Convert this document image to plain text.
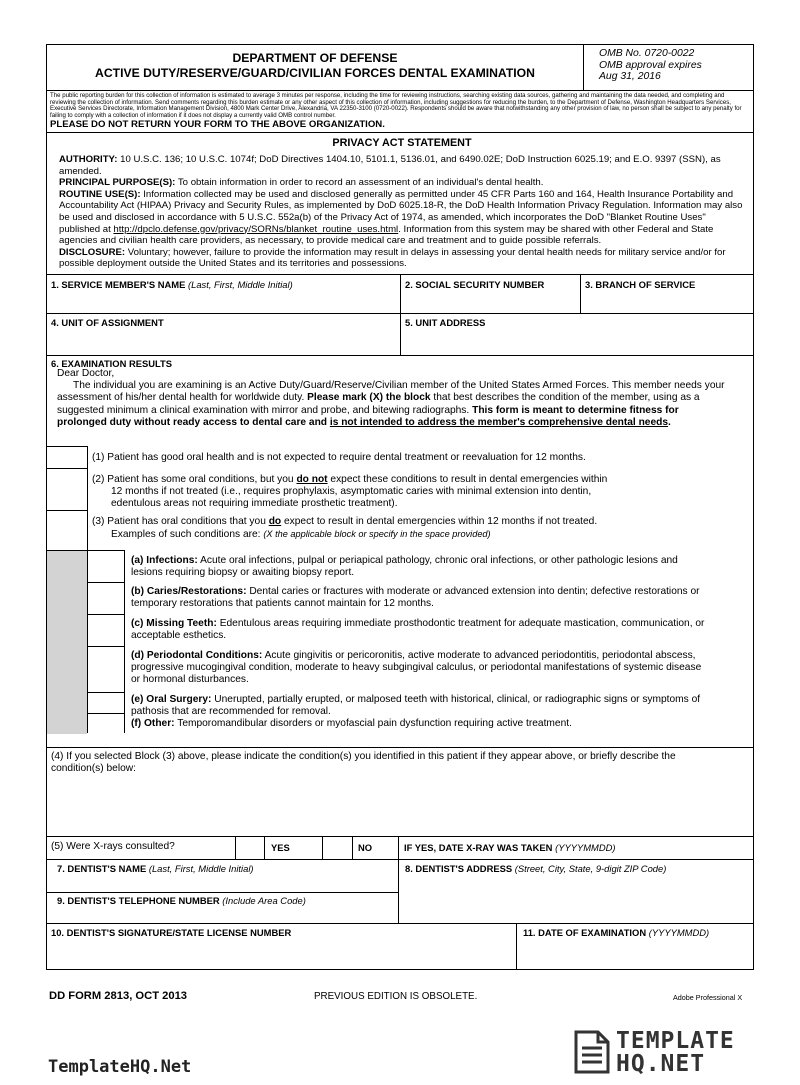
DEPARTMENT OF DEFENSE
ACTIVE DUTY/RESERVE/GUARD/CIVILIAN FORCES DENTAL EXAMINATION
OMB No. 0720-0022
OMB approval expires
Aug 31, 2016
The public reporting burden for this collection of information is estimated to average 3 minutes per response, including the time for reviewing instructions, searching existing data sources, gathering and maintaining the data needed, and completing and reviewing the collection of information. Send comments regarding this burden estimate or any other aspect of this collection of information, including suggestions for reducing the burden, to the Department of Defense, Washington Headquarters Services, Executive Services Directorate, Information Management Division, 4800 Mark Center Drive, Alexandria, VA 22350-3100 (0720-0022). Respondents should be aware that notwithstanding any other provision of law, no person shall be subject to any penalty for failing to comply with a collection of information if it does not display a currently valid OMB control number.
PLEASE DO NOT RETURN YOUR FORM TO THE ABOVE ORGANIZATION.
PRIVACY ACT STATEMENT

AUTHORITY: 10 U.S.C. 136; 10 U.S.C. 1074f; DoD Directives 1404.10, 5101.1, 5136.01, and 6490.02E; DoD Instruction 6025.19; and E.O. 9397 (SSN), as amended.

PRINCIPAL PURPOSE(S): To obtain information in order to record an assessment of an individual's dental health.

ROUTINE USE(S): Information collected may be used and disclosed generally as permitted under 45 CFR Parts 160 and 164, Health Insurance Portability and Accountability Act (HIPAA) Privacy and Security Rules, as implemented by DoD 6025.18-R, the DoD Health Information Privacy Regulation. Information may also be used and disclosed in accordance with 5 U.S.C. 552a(b) of the Privacy Act of 1974, as amended, which incorporates the DoD "Blanket Routine Uses" published at http://dpclo.defense.gov/privacy/SORNs/blanket_routine_uses.html. Information from this system may be shared with other Federal and State agencies and civilian health care providers, as necessary, to provide medical care and treatment and to guide possible referrals.

DISCLOSURE: Voluntary; however, failure to provide the information may result in delays in assessing your dental health needs for military service and/or for possible deployment outside the United States and its territories and possessions.

1. SERVICE MEMBER'S NAME (Last, First, Middle Initial)	2. SOCIAL SECURITY NUMBER	3. BRANCH OF SERVICE
4. UNIT OF ASSIGNMENT	5. UNIT ADDRESS
6. EXAMINATION RESULTS
Dear Doctor,
The individual you are examining is an Active Duty/Guard/Reserve/Civilian member of the United States Armed Forces. This member needs your assessment of his/her dental health for worldwide duty. Please mark (X) the block that best describes the condition of the member, using as a suggested minimum a clinical examination with mirror and probe, and bitewing radiographs. This form is meant to determine fitness for prolonged duty without ready access to dental care and is not intended to address the member's comprehensive dental needs.
(1) Patient has good oral health and is not expected to require dental treatment or reevaluation for 12 months.
(2) Patient has some oral conditions, but you do not expect these conditions to result in dental emergencies within
12 months if not treated (i.e., requires prophylaxis, asymptomatic caries with minimal extension into dentin,
edentulous areas not requiring immediate prosthetic treatment).
(3) Patient has oral conditions that you do expect to result in dental emergencies within 12 months if not treated.
Examples of such conditions are: (X the applicable block or specify in the space provided)
(a) Infections: Acute oral infections, pulpal or periapical pathology, chronic oral infections, or other pathologic lesions and lesions requiring biopsy or awaiting biopsy report.
(b) Caries/Restorations: Dental caries or fractures with moderate or advanced extension into dentin; defective restorations or temporary restorations that patients cannot maintain for 12 months.
(c) Missing Teeth: Edentulous areas requiring immediate prosthodontic treatment for adequate mastication, communication, or acceptable esthetics.
(d) Periodontal Conditions: Acute gingivitis or pericoronitis, active moderate to advanced periodontitis, periodontal abscess, progressive mucogingival condition, moderate to heavy subgingival calculus, or periodontal manifestations of systemic disease or hormonal disturbances.
(e) Oral Surgery: Unerupted, partially erupted, or malposed teeth with historical, clinical, or radiographic signs or symptoms of pathosis that are recommended for removal.
(f) Other: Temporomandibular disorders or myofascial pain dysfunction requiring active treatment.
(4) If you selected Block (3) above, please indicate the condition(s) you identified in this patient if they appear above, or briefly describe the condition(s) below:
(5) Were X-rays consulted?	YES	NO	IF YES, DATE X-RAY WAS TAKEN (YYYYMMDD)
7. DENTIST'S NAME (Last, First, Middle Initial)
9. DENTIST'S TELEPHONE NUMBER (Include Area Code)
8. DENTIST'S ADDRESS (Street, City, State, 9-digit ZIP Code)
10. DENTIST'S SIGNATURE/STATE LICENSE NUMBER	11. DATE OF EXAMINATION (YYYYMMDD)
DD FORM 2813, OCT 2013	PREVIOUS EDITION IS OBSOLETE.	Adobe Professional X
TemplateHQ.Net
TEMPLATE
HQ.NET
